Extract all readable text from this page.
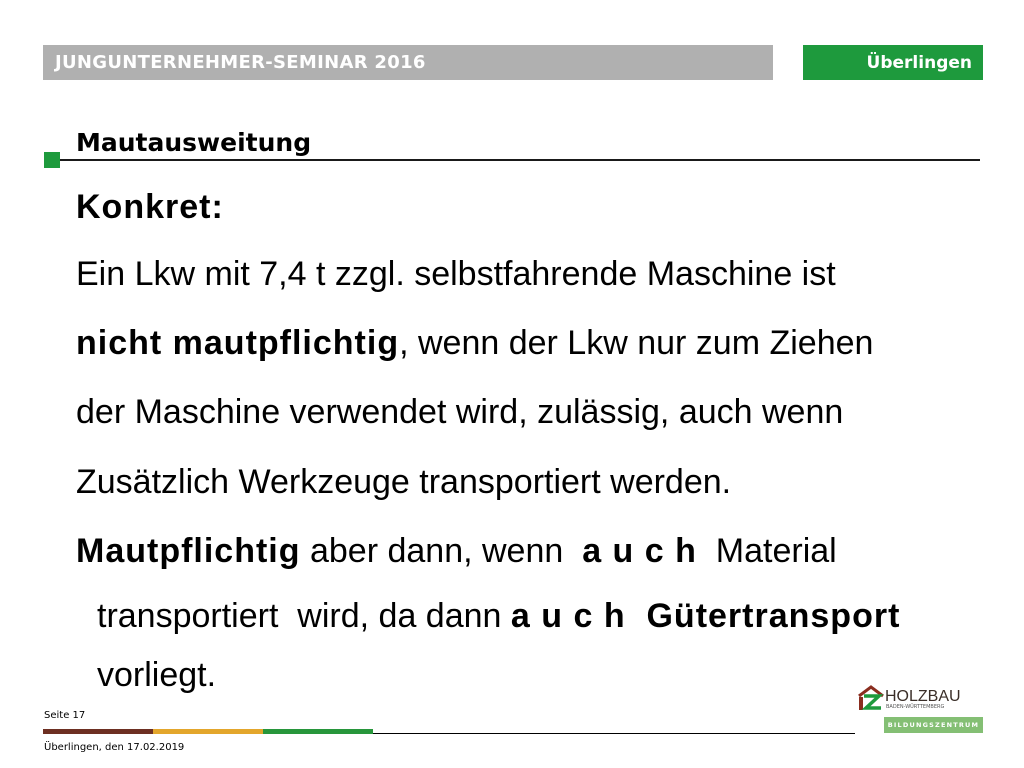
JUNGUNTERNEHMER-SEMINAR 2016	Überlingen
Mautausweitung
Konkret:
Ein Lkw mit 7,4 t zzgl. selbstfahrende Maschine ist
nicht mautpflichtig , wenn der Lkw nur zum Ziehen
der Maschine verwendet wird, zulässig, auch wenn
Zusätzlich Werkzeuge transportiert werden.
Mautpflichtig aber dann, wenn a u c h Material
transportiert  wird, da dann a u c h  Gütertransport
vorliegt.
Seite 17
Überlingen, den 17.02.2019
HOLZBAU
BADEN-WÜRTTEMBERG
BILDUNGSZENTRUM
